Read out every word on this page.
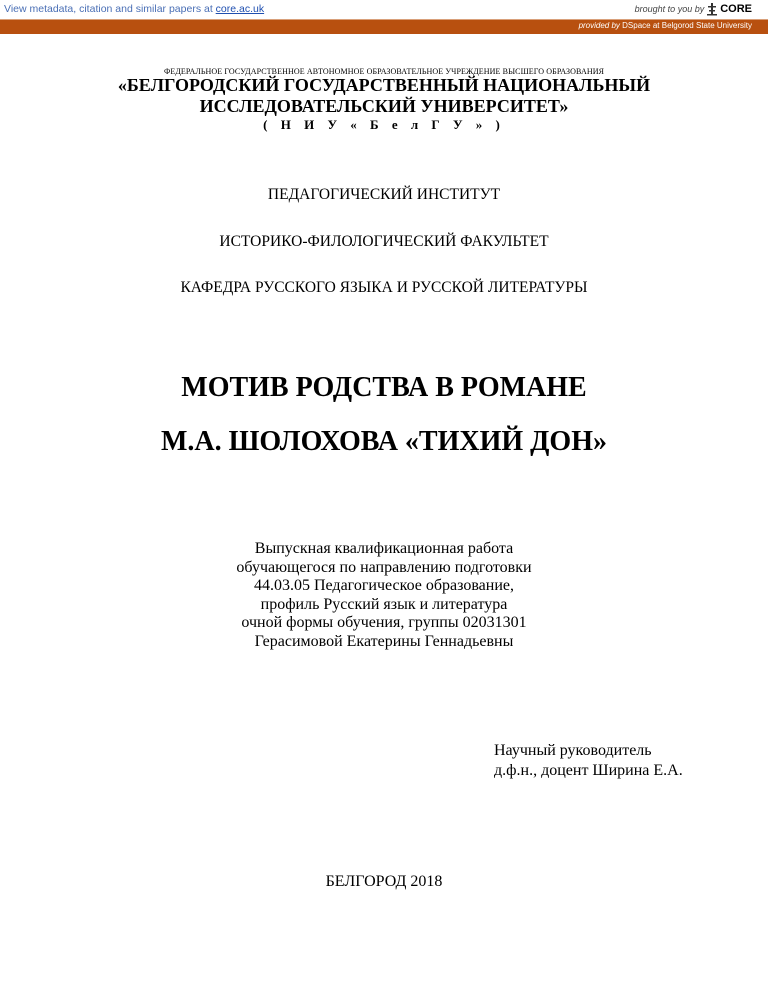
View metadata, citation and similar papers at core.ac.uk	brought to you by CORE
provided by DSpace at Belgorod State University
ФЕДЕРАЛЬНОЕ ГОСУДАРСТВЕННОЕ АВТОНОМНОЕ ОБРАЗОВАТЕЛЬНОЕ УЧРЕЖДЕНИЕ ВЫСШЕГО ОБРАЗОВАНИЯ
«БЕЛГОРОДСКИЙ ГОСУДАРСТВЕННЫЙ НАЦИОНАЛЬНЫЙ
ИССЛЕДОВАТЕЛЬСКИЙ УНИВЕРСИТЕТ»
( Н И У « Б е л Г У » )
ПЕДАГОГИЧЕСКИЙ ИНСТИТУТ
ИСТОРИКО-ФИЛОЛОГИЧЕСКИЙ ФАКУЛЬТЕТ
КАФЕДРА РУССКОГО ЯЗЫКА И РУССКОЙ ЛИТЕРАТУРЫ
МОТИВ РОДСТВА В РОМАНЕ
М.А. ШОЛОХОВА «ТИХИЙ ДОН»
Выпускная квалификационная работа
обучающегося по направлению подготовки
44.03.05 Педагогическое образование,
профиль Русский язык и литература
очной формы обучения, группы 02031301
Герасимовой Екатерины Геннадьевны
Научный руководитель
д.ф.н., доцент Ширина Е.А.
БЕЛГОРОД 2018
